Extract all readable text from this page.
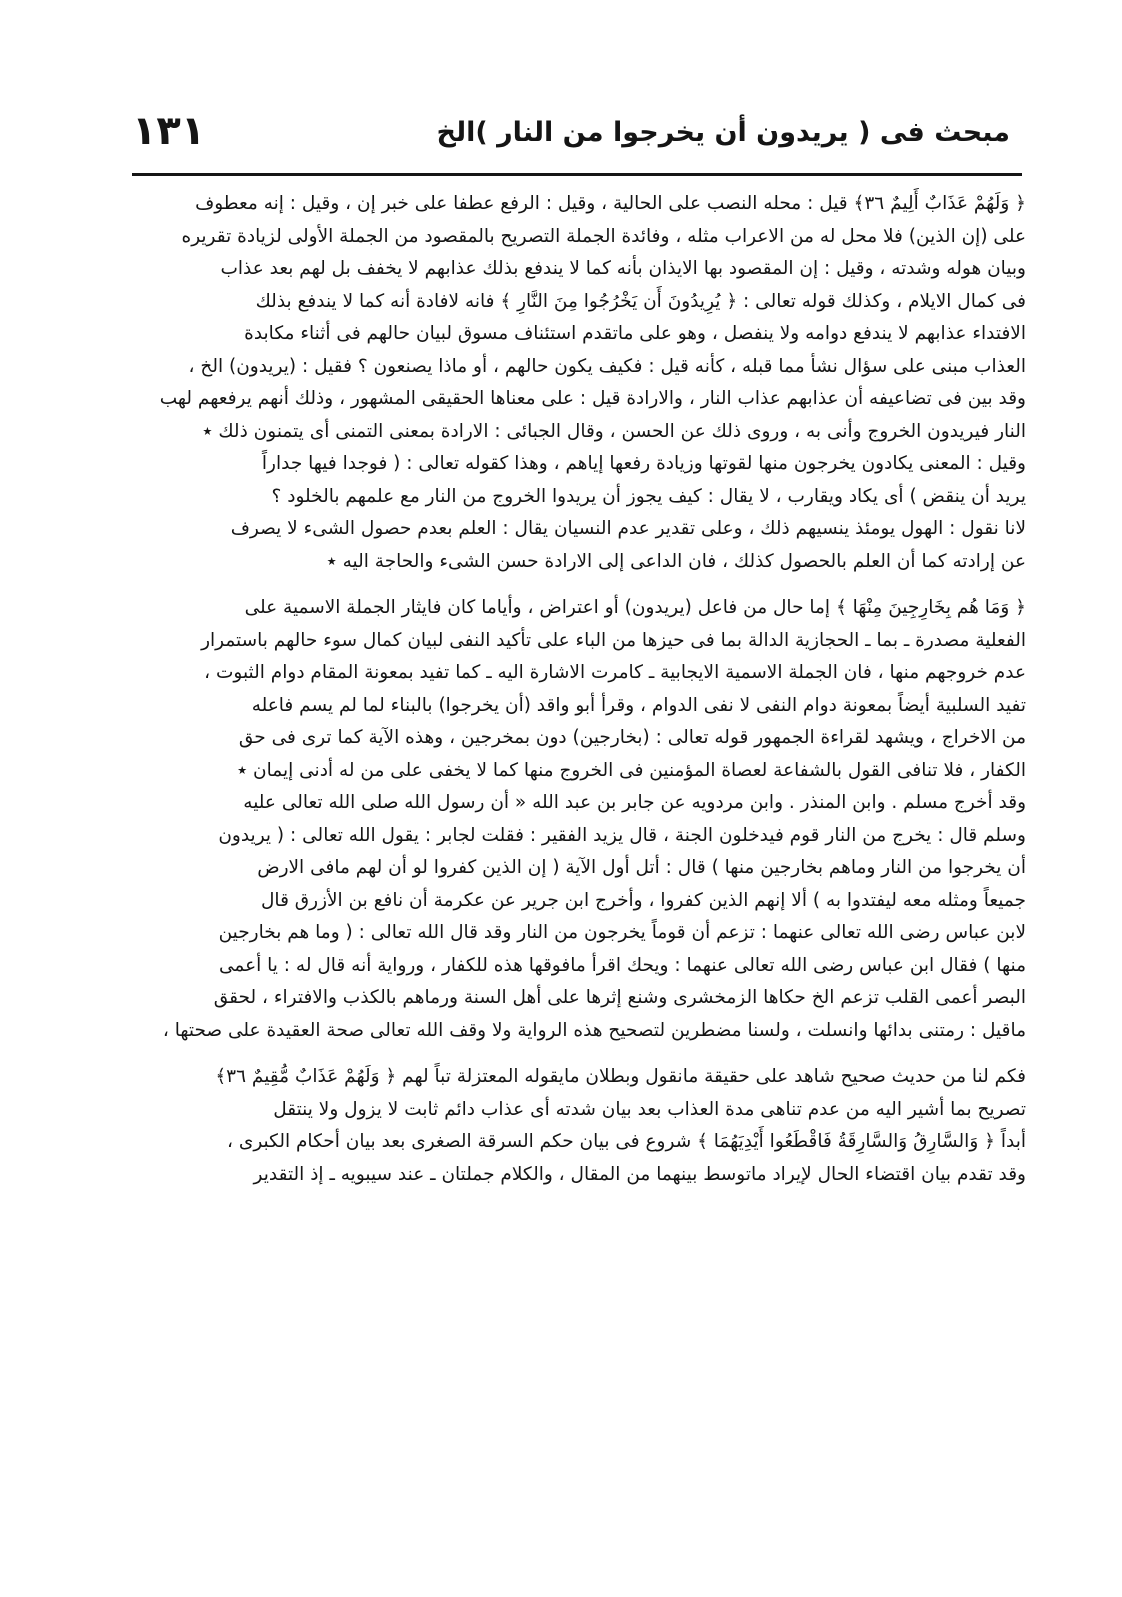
١٣١	مبحث فى ( يريدون أن يخرجوا من النار )الخ
﴿ وَلَهُمْ عَذَابٌ أَلِيمٌ ٣٦﴾ قيل : محله النصب على الحالية ، وقيل : الرفع عطفا على خبر إن ، وقيل : إنه معطوف
على (إن الذين) فلا محل له من الاعراب مثله ، وفائدة الجملة التصريح بالمقصود من الجملة الأولى لزيادة تقريره
وبيان هوله وشدته ، وقيل : إن المقصود بها الايذان بأنه كما لا يندفع بذلك عذابهم لا يخفف بل لهم بعد عذاب
فى كمال الايلام ، وكذلك قوله تعالى : ﴿ يُرِيدُونَ أَن يَخْرُجُوا مِنَ النَّارِ ﴾ فانه لافادة أنه كما لا يندفع بذلك
الافتداء عذابهم لا يندفع دوامه ولا ينفصل ، وهو على ماتقدم استئناف مسوق لبيان حالهم فى أثناء مكابدة
العذاب مبنى على سؤال نشأ مما قبله ، كأنه قيل : فكيف يكون حالهم ، أو ماذا يصنعون ؟ فقيل : (يريدون) الخ ،
وقد بين فى تضاعيفه أن عذابهم عذاب النار ، والارادة قيل : على معناها الحقيقى المشهور ، وذلك أنهم يرفعهم لهب
النار فيريدون الخروج وأنى به ، وروى ذلك عن الحسن ، وقال الجبائى : الارادة بمعنى التمنى أى يتمنون ذلك ٭
وقيل : المعنى يكادون يخرجون منها لقوتها وزيادة رفعها إياهم ، وهذا كقوله تعالى : ( فوجدا فيها جداراً
يريد أن ينقض ) أى يكاد ويقارب ، لا يقال : كيف يجوز أن يريدوا الخروج من النار مع علمهم بالخلود ؟
لانا نقول : الهول يومئذ ينسيهم ذلك ، وعلى تقدير عدم النسيان يقال : العلم بعدم حصول الشىء لا يصرف
عن إرادته كما أن العلم بالحصول كذلك ، فان الداعى إلى الارادة حسن الشىء والحاجة اليه ٭
﴿ وَمَا هُم بِخَارِجِينَ مِنْهَا ﴾ إما حال من فاعل (يريدون) أو اعتراض ، وأياما كان فايثار الجملة الاسمية على
الفعلية مصدرة ـ بما ـ الحجازية الدالة بما فى حيزها من الباء على تأكيد النفى لبيان كمال سوء حالهم باستمرار
عدم خروجهم منها ، فان الجملة الاسمية الايجابية ـ كامرت الاشارة اليه ـ كما تفيد بمعونة المقام دوام الثبوت ،
تفيد السلبية أيضاً بمعونة دوام النفى لا نفى الدوام ، وقرأ أبو واقد (أن يخرجوا) بالبناء لما لم يسم فاعله
من الاخراج ، ويشهد لقراءة الجمهور قوله تعالى : (بخارجين) دون بمخرجين ، وهذه الآية كما ترى فى حق
الكفار ، فلا تنافى القول بالشفاعة لعصاة المؤمنين فى الخروج منها كما لا يخفى على من له أدنى إيمان ٭
وقد أخرج مسلم . وابن المنذر . وابن مردويه عن جابر بن عبد الله « أن رسول الله صلى الله تعالى عليه
وسلم قال : يخرج من النار قوم فيدخلون الجنة ، قال يزيد الفقير : فقلت لجابر : يقول الله تعالى : ( يريدون
أن يخرجوا من النار وماهم بخارجين منها ) قال : أتل أول الآية ( إن الذين كفروا لو أن لهم مافى الارض
جميعاً ومثله معه ليفتدوا به ) ألا إنهم الذين كفروا ، وأخرج ابن جرير عن عكرمة أن نافع بن الأزرق قال
لابن عباس رضى الله تعالى عنهما : تزعم أن قوماً يخرجون من النار وقد قال الله تعالى : ( وما هم بخارجين
منها ) فقال ابن عباس رضى الله تعالى عنهما : ويحك اقرأ مافوقها هذه للكفار ، ورواية أنه قال له : يا أعمى
البصر أعمى القلب تزعم الخ حكاها الزمخشرى وشنع إثرها على أهل السنة ورماهم بالكذب والافتراء ، لحقق
ماقيل : رمتنى بدائها وانسلت ، ولسنا مضطرين لتصحيح هذه الرواية ولا وقف الله تعالى صحة العقيدة على صحتها ،
فكم لنا من حديث صحيح شاهد على حقيقة مانقول وبطلان مايقوله المعتزلة تباً لهم ﴿ وَلَهُمْ عَذَابٌ مُّقِيمٌ ٣٦﴾
تصريح بما أشير اليه من عدم تناهى مدة العذاب بعد بيان شدته أى عذاب دائم ثابت لا يزول ولا ينتقل
أبداً ﴿ وَالسَّارِقُ وَالسَّارِقَةُ فَاقْطَعُوا أَيْدِيَهُمَا ﴾ شروع فى بيان حكم السرقة الصغرى بعد بيان أحكام الكبرى ،
وقد تقدم بيان اقتضاء الحال لإيراد ماتوسط بينهما من المقال ، والكلام جملتان ـ عند سيبويه ـ إذ التقدير
